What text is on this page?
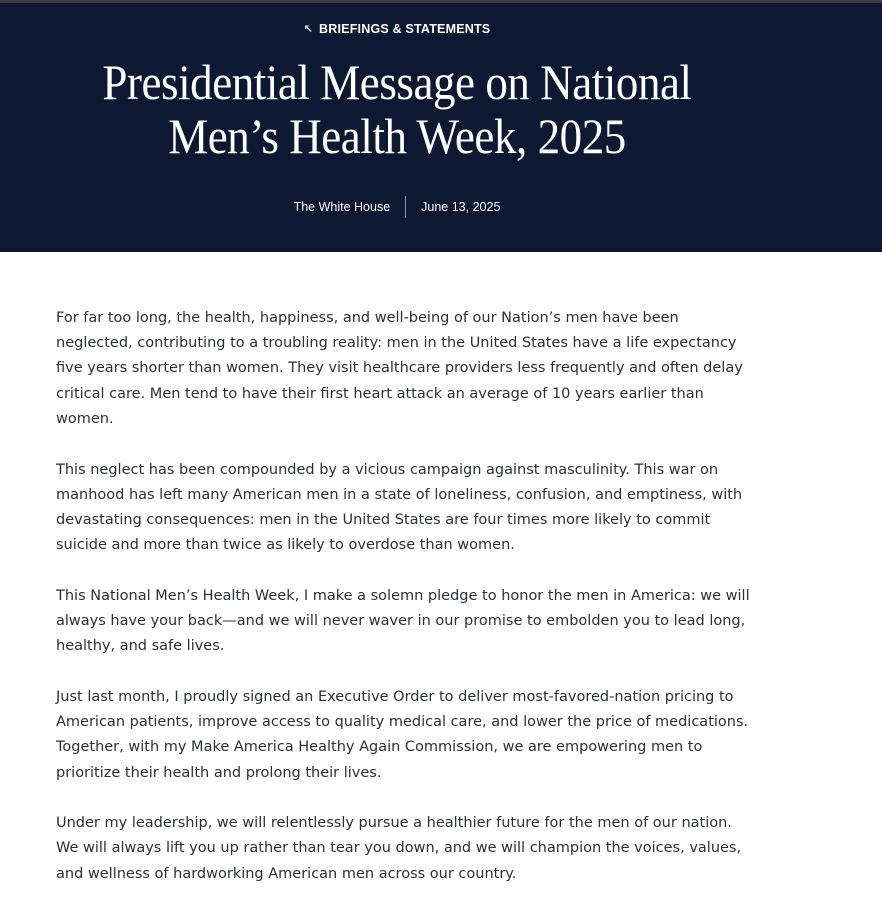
↖ BRIEFINGS & STATEMENTS
Presidential Message on National
Men’s Health Week, 2025
The White House	June 13, 2025

For far too long, the health, happiness, and well-being of our Nation’s men have been neglected, contributing to a troubling reality: men in the United States have a life expectancy five years shorter than women. They visit healthcare providers less frequently and often delay critical care. Men tend to have their first heart attack an average of 10 years earlier than women.

This neglect has been compounded by a vicious campaign against masculinity. This war on manhood has left many American men in a state of loneliness, confusion, and emptiness, with devastating consequences: men in the United States are four times more likely to commit suicide and more than twice as likely to overdose than women.

This National Men’s Health Week, I make a solemn pledge to honor the men in America: we will always have your back—and we will never waver in our promise to embolden you to lead long, healthy, and safe lives.

Just last month, I proudly signed an Executive Order to deliver most-favored-nation pricing to American patients, improve access to quality medical care, and lower the price of medications. Together, with my Make America Healthy Again Commission, we are empowering men to prioritize their health and prolong their lives.

Under my leadership, we will relentlessly pursue a healthier future for the men of our nation. We will always lift you up rather than tear you down, and we will champion the voices, values, and wellness of hardworking American men across our country.
